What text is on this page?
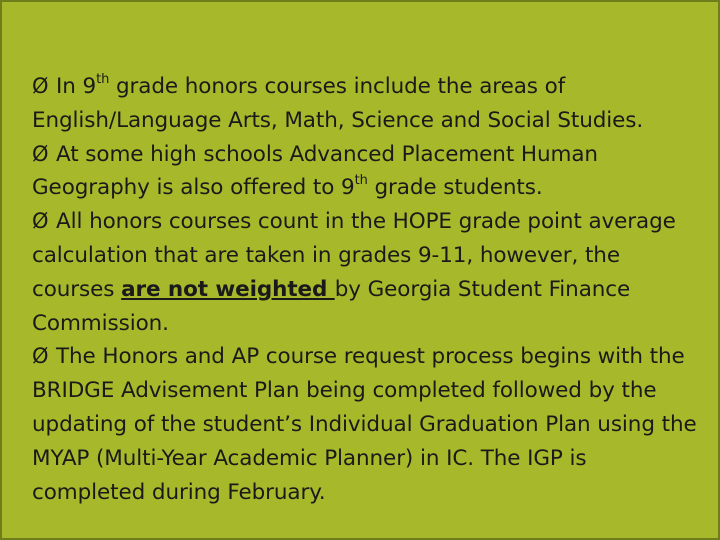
Ø In 9th grade honors courses include the areas of English/Language Arts, Math, Science and Social Studies.

Ø At some high schools Advanced Placement Human Geography is also offered to 9th grade students.

Ø All honors courses count in the HOPE grade point average calculation that are taken in grades 9-11, however, the courses are not weighted by Georgia Student Finance Commission.

Ø The Honors and AP course request process begins with the BRIDGE Advisement Plan being completed followed by the updating of the student’s Individual Graduation Plan using the MYAP (Multi-Year Academic Planner) in IC. The IGP is completed during February.
